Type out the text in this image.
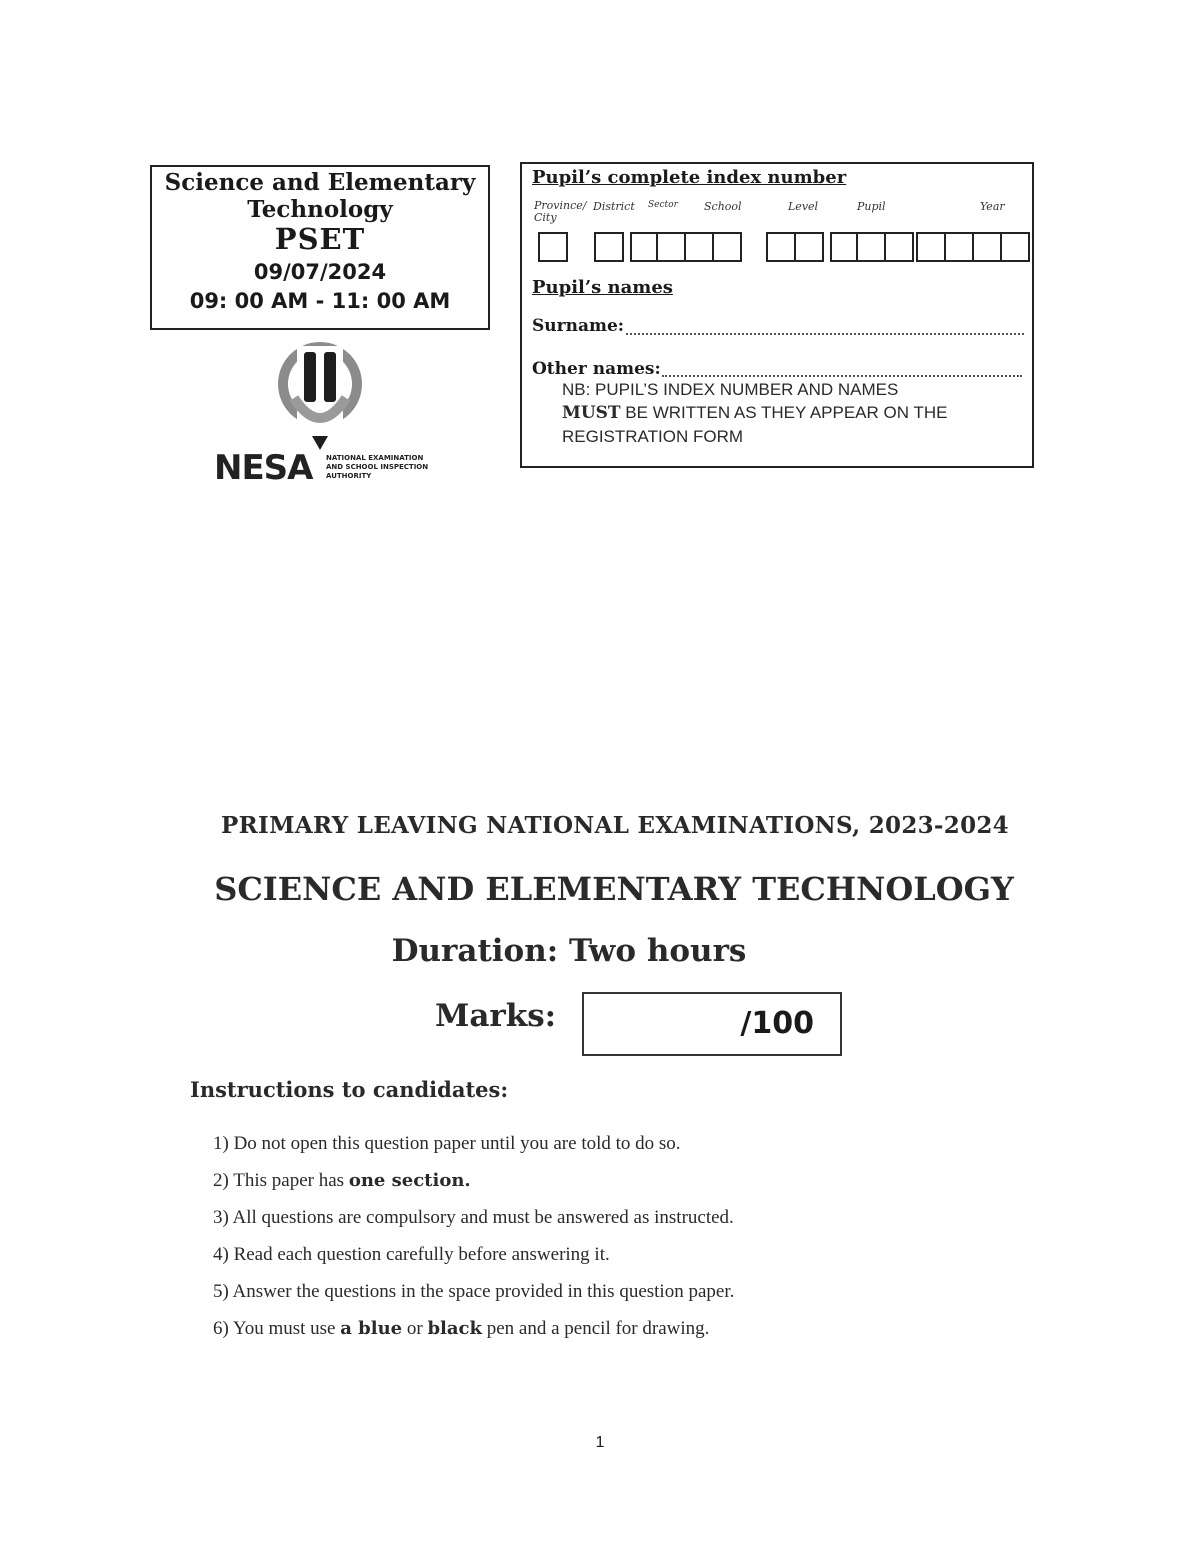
Science and Elementary
Technology
PSET
09/07/2024
09: 00 AM - 11: 00 AM
NESA NATIONAL EXAMINATION
AND SCHOOL INSPECTION
AUTHORITY
Pupil’s complete index number
Province/ City
District Sector School	Level	Pupil	Year
Pupil’s names
Surname:
Other names:
NB: PUPIL’S INDEX NUMBER AND NAMES
MUST BE WRITTEN AS THEY APPEAR ON THE
REGISTRATION FORM
PRIMARY LEAVING NATIONAL EXAMINATIONS, 2023-2024
SCIENCE AND ELEMENTARY TECHNOLOGY
Duration: Two hours
Marks:	/100
Instructions to candidates:
1) Do not open this question paper until you are told to do so.
2) This paper has one section.
3) All questions are compulsory and must be answered as instructed.
4) Read each question carefully before answering it.
5) Answer the questions in the space provided in this question paper.
6) You must use a blue or black pen and a pencil for drawing.
1
